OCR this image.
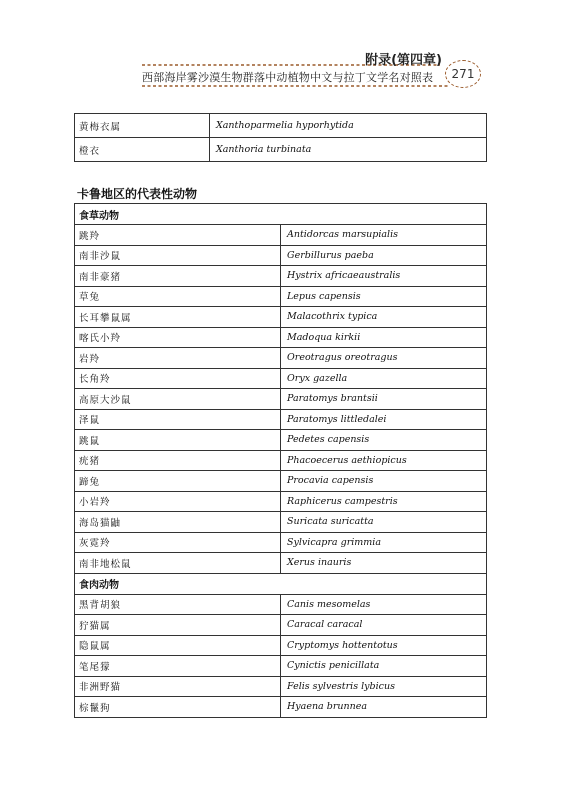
附录(第四章)
西部海岸雾沙漠生物群落中动植物中文与拉丁文学名对照表	271
黄梅衣属	Xanthoparmelia hyporhytida
橙衣	Xanthoria turbinata
卡鲁地区的代表性动物
食草动物	
跳羚	Antidorcas marsupialis
南非沙鼠	Gerbillurus paeba
南非豪猪	Hystrix africaeaustralis
草兔	Lepus capensis
长耳攀鼠属	Malacothrix typica
喀氏小羚	Madoqua kirkii
岩羚	Oreotragus oreotragus
长角羚	Oryx gazella
高原大沙鼠	Paratomys brantsii
泽鼠	Paratomys littledalei
跳鼠	Pedetes capensis
疣猪	Phacoecerus aethiopicus
蹄兔	Procavia capensis
小岩羚	Raphicerus campestris
海岛猫鼬	Suricata suricatta
灰霓羚	Sylvicapra grimmia
南非地松鼠	Xerus inauris
食肉动物	
黑背胡狼	Canis mesomelas
狞猫属	Caracal caracal
隐鼠属	Cryptomys hottentotus
笔尾獴	Cynictis penicillata
非洲野猫	Felis sylvestris lybicus
棕鬣狗	Hyaena brunnea
